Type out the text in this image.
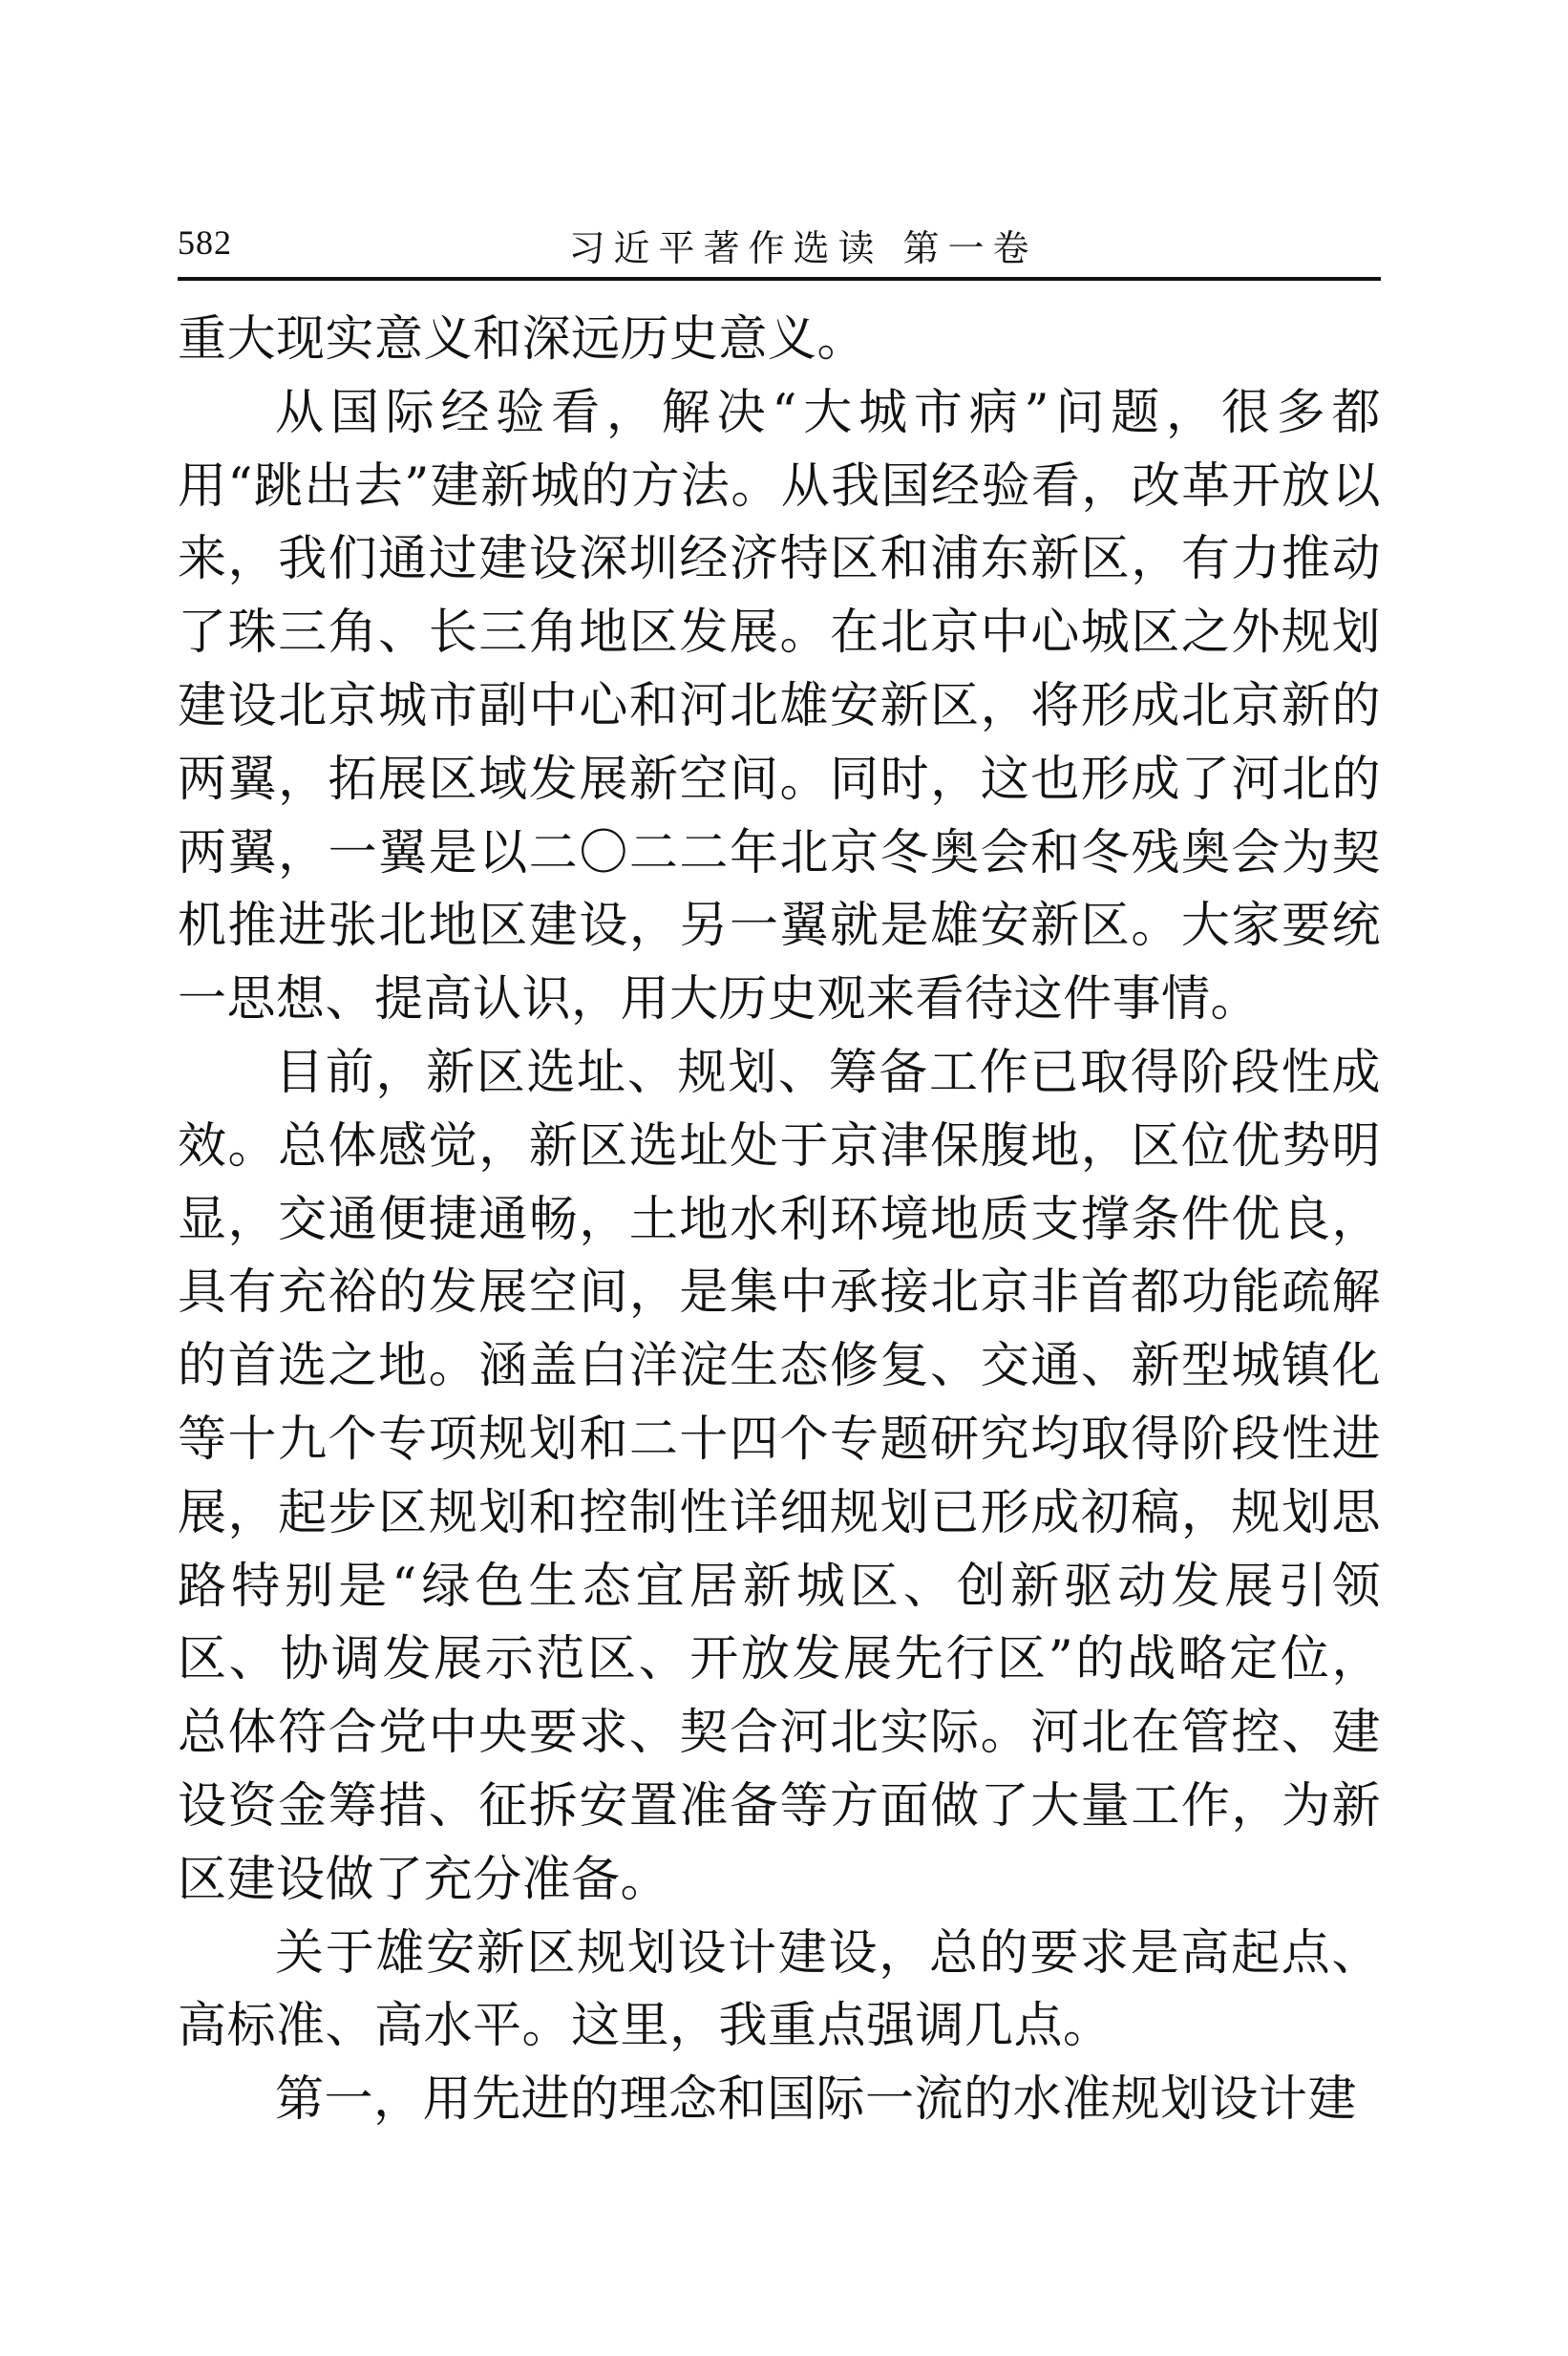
582	习近平著作选读 第一卷

重大现实意义和深远历史意义。

从国际经验看，解决“大城市病”问题，很多都用“跳出去”建新城的方法。从我国经验看，改革开放以来，我们通过建设深圳经济特区和浦东新区，有力推动了珠三角、长三角地区发展。在北京中心城区之外规划建设北京城市副中心和河北雄安新区，将形成北京新的两翼，拓展区域发展新空间。同时，这也形成了河北的两翼，一翼是以二〇二二年北京冬奥会和冬残奥会为契机推进张北地区建设，另一翼就是雄安新区。大家要统一思想、提高认识，用大历史观来看待这件事情。

目前，新区选址、规划、筹备工作已取得阶段性成效。总体感觉，新区选址处于京津保腹地，区位优势明显，交通便捷通畅，土地水利环境地质支撑条件优良，具有充裕的发展空间，是集中承接北京非首都功能疏解的首选之地。涵盖白洋淀生态修复、交通、新型城镇化等十九个专项规划和二十四个专题研究均取得阶段性进展，起步区规划和控制性详细规划已形成初稿，规划思路特别是“绿色生态宜居新城区、创新驱动发展引领区、协调发展示范区、开放发展先行区”的战略定位，总体符合党中央要求、契合河北实际。河北在管控、建设资金筹措、征拆安置准备等方面做了大量工作，为新区建设做了充分准备。

关于雄安新区规划设计建设，总的要求是高起点、高标准、高水平。这里，我重点强调几点。

第一，用先进的理念和国际一流的水准规划设计建
